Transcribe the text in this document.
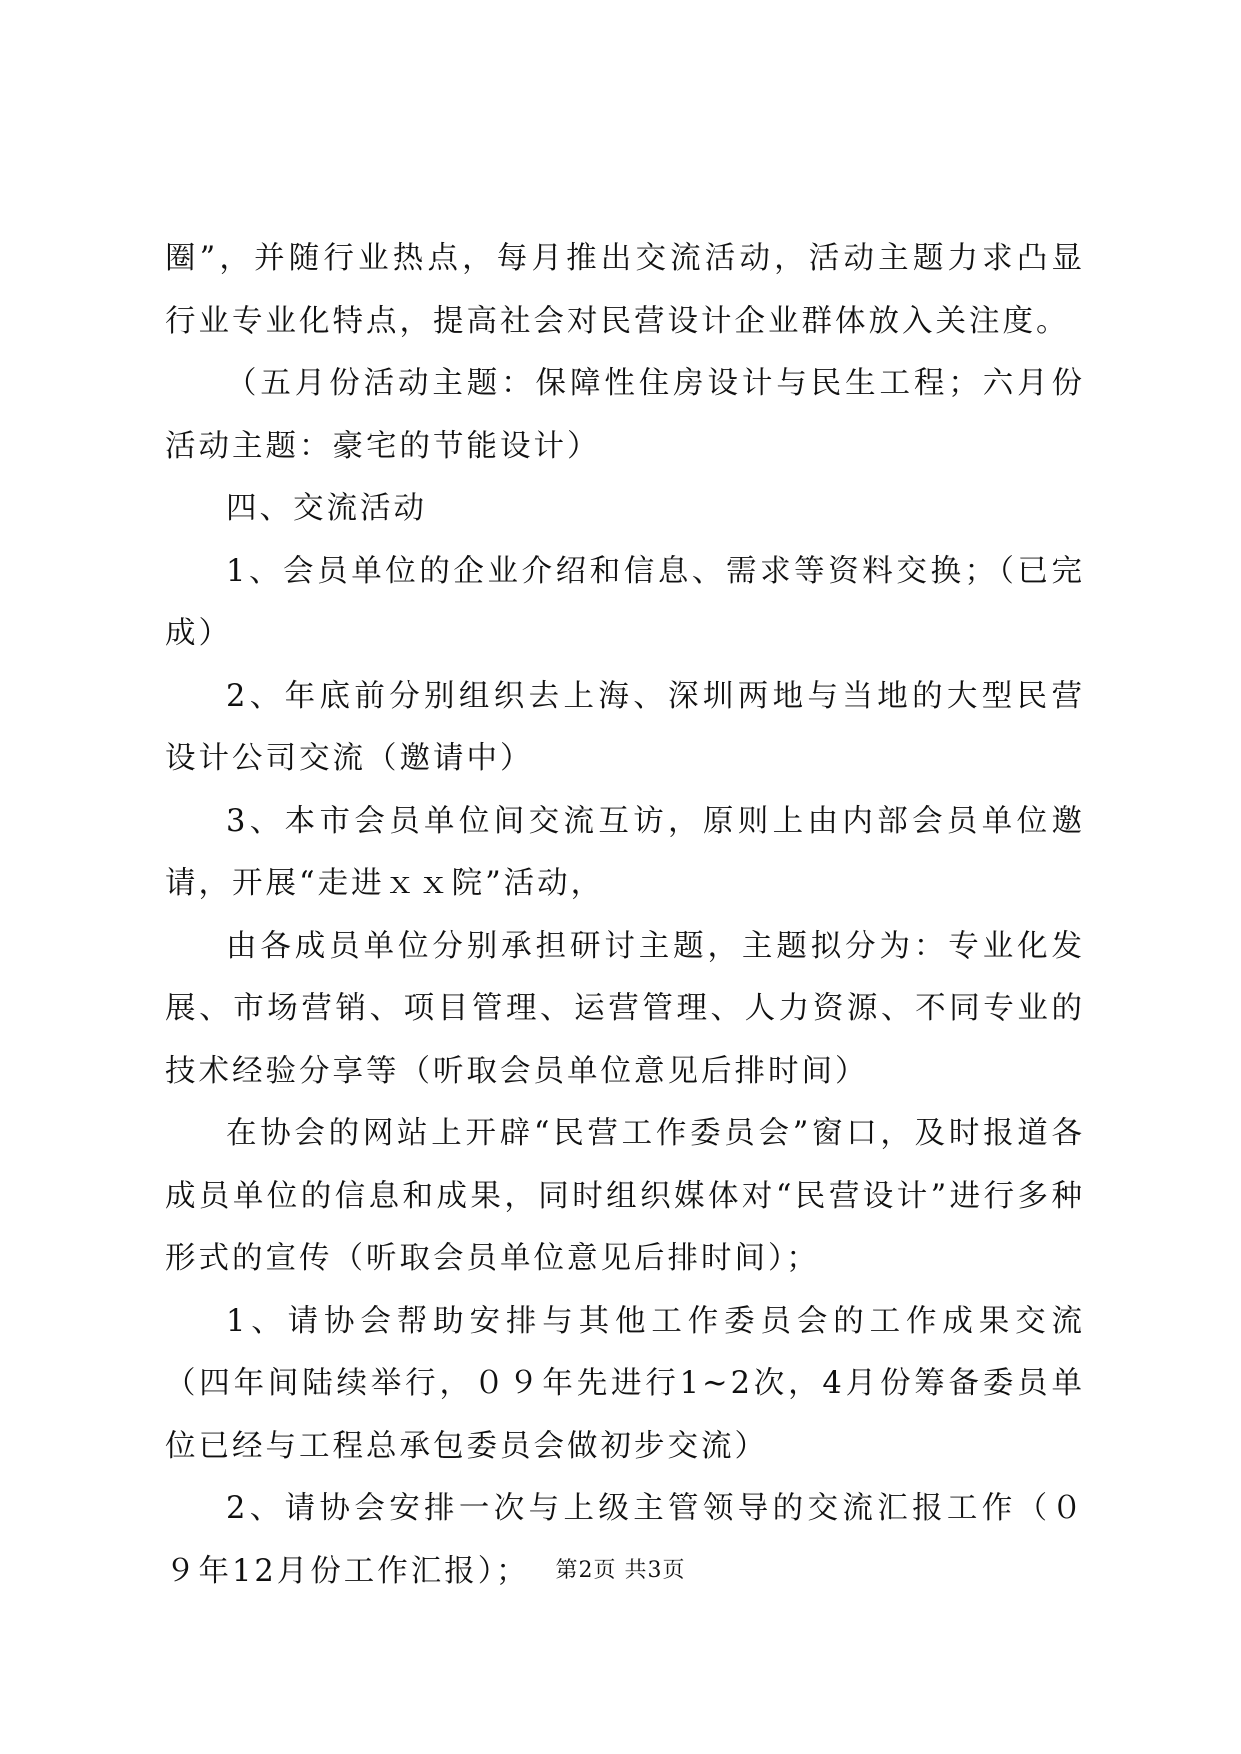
圈”，并随行业热点，每月推出交流活动，活动主题力求凸显行业专业化特点，提高社会对民营设计企业群体放入关注度。

（五月份活动主题：保障性住房设计与民生工程；六月份活动主题：豪宅的节能设计）

四、交流活动

1、会员单位的企业介绍和信息、需求等资料交换；（已完成）

2、年底前分别组织去上海、深圳两地与当地的大型民营设计公司交流（邀请中）

3、本市会员单位间交流互访，原则上由内部会员单位邀请，开展“走进ｘｘ院”活动，

由各成员单位分别承担研讨主题，主题拟分为：专业化发展、市场营销、项目管理、运营管理、人力资源、不同专业的技术经验分享等（听取会员单位意见后排时间）

在协会的网站上开辟“民营工作委员会”窗口，及时报道各成员单位的信息和成果，同时组织媒体对“民营设计”进行多种形式的宣传（听取会员单位意见后排时间）；

1、请协会帮助安排与其他工作委员会的工作成果交流（四年间陆续举行，０９年先进行1~2次，4月份筹备委员单位已经与工程总承包委员会做初步交流）

2、请协会安排一次与上级主管领导的交流汇报工作（０９年12月份工作汇报）；	第2页 共3页
